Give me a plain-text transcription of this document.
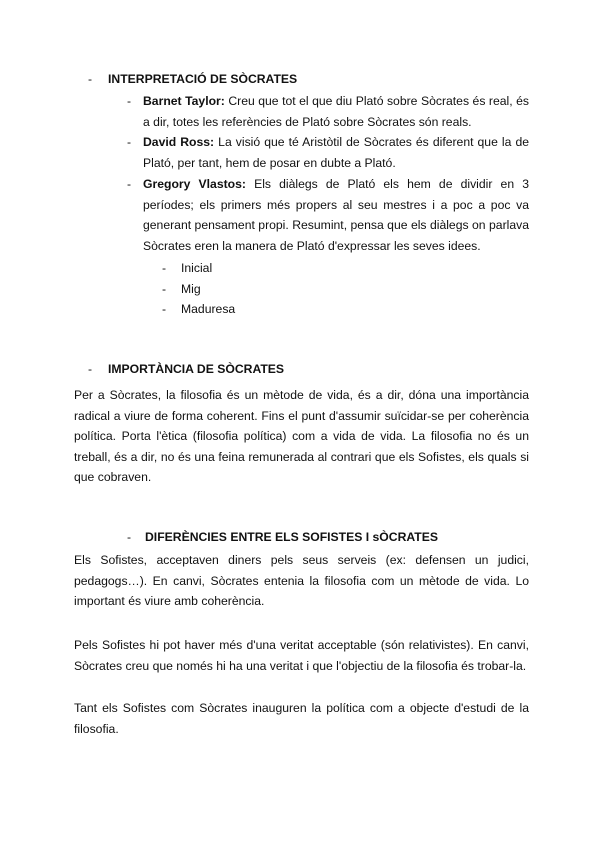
- INTERPRETACIÓ DE SÒCRATES
- Barnet Taylor: Creu que tot el que diu Plató sobre Sòcrates és real, és a dir, totes les referències de Plató sobre Sòcrates són reals.

- David Ross: La visió que té Aristòtil de Sòcrates és diferent que la de Plató, per tant, hem de posar en dubte a Plató.

- Gregory Vlastos: Els diàlegs de Plató els hem de dividir en 3 períodes; els primers més propers al seu mestres i a poc a poc va generant pensament propi. Resumint, pensa que els diàlegs on parlava Sòcrates eren la manera de Plató d'expressar les seves idees.

- Inicial
- Mig
- Maduresa
- IMPORTÀNCIA DE SÒCRATES

Per a Sòcrates, la filosofia és un mètode de vida, és a dir, dóna una importància radical a viure de forma coherent. Fins el punt d'assumir suïcidar-se per coherència política. Porta l'ètica (filosofia política) com a vida de vida. La filosofia no és un treball, és a dir, no és una feina remunerada al contrari que els Sofistes, els quals si que cobraven.

- DIFERÈNCIES ENTRE ELS SOFISTES I sÒCRATES

Els Sofistes, acceptaven diners pels seus serveis (ex: defensen un judici, pedagogs…). En canvi, Sòcrates entenia la filosofia com un mètode de vida. Lo important és viure amb coherència.

Pels Sofistes hi pot haver més d'una veritat acceptable (són relativistes). En canvi, Sòcrates creu que només hi ha una veritat i que l'objectiu de la filosofia és trobar-la.

Tant els Sofistes com Sòcrates inauguren la política com a objecte d'estudi de la filosofia.
